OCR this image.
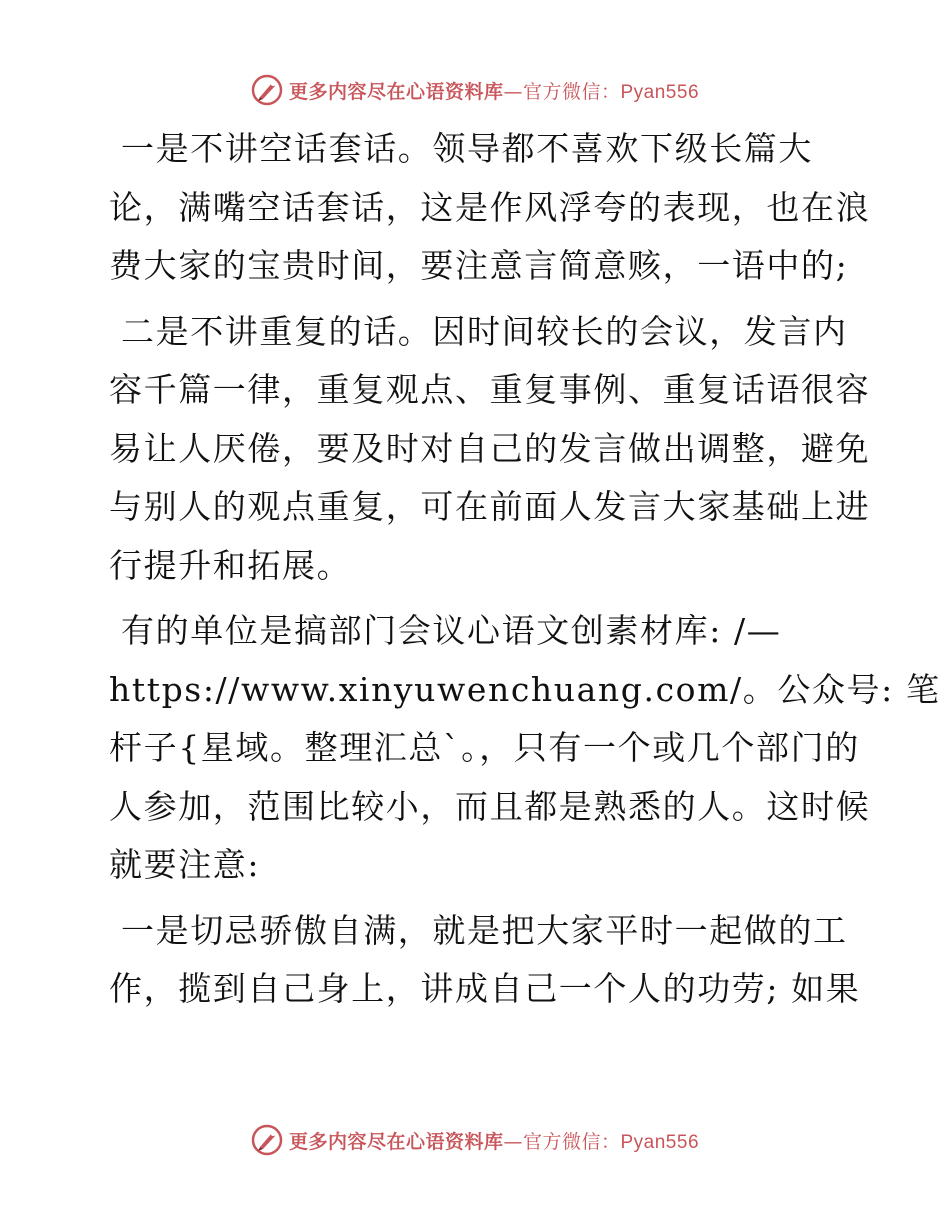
更多内容尽在心语资料库—官方微信：Pyan556
一是不讲空话套话。领导都不喜欢下级长篇大
论，满嘴空话套话，这是作风浮夸的表现，也在浪
费大家的宝贵时间，要注意言简意赅，一语中的;
二是不讲重复的话。因时间较长的会议，发言内
容千篇一律，重复观点、重复事例、重复话语很容
易让人厌倦，要及时对自己的发言做出调整，避免
与别人的观点重复，可在前面人发言大家基础上进
行提升和拓展。
有的单位是搞部门会议心语文创素材库: /—
https://www.xinyuwenchuang.com/。公众号: 笔
杆子{星域。整理汇总`。，只有一个或几个部门的
人参加，范围比较小，而且都是熟悉的人。这时候
就要注意:
一是切忌骄傲自满，就是把大家平时一起做的工
作，揽到自己身上，讲成自己一个人的功劳; 如果
更多内容尽在心语资料库—官方微信：Pyan556
